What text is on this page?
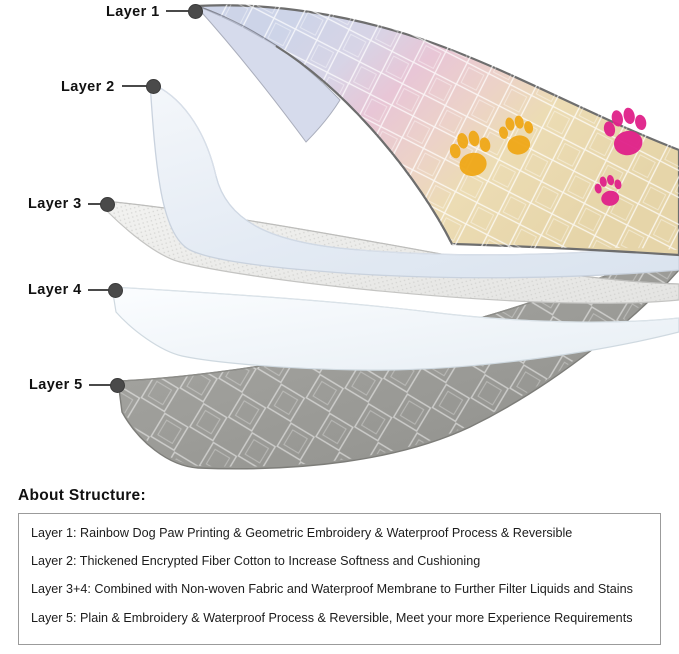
Layer 1
Layer 2
Layer 3
Layer 4
Layer 5
About Structure:
Layer 1: Rainbow Dog Paw Printing & Geometric Embroidery & Waterproof Process & Reversible
Layer 2: Thickened Encrypted Fiber Cotton to Increase Softness and Cushioning
Layer 3+4: Combined with Non-woven Fabric and Waterproof Membrane to Further Filter Liquids and Stains
Layer 5: Plain & Embroidery & Waterproof Process & Reversible, Meet your more Experience Requirements
